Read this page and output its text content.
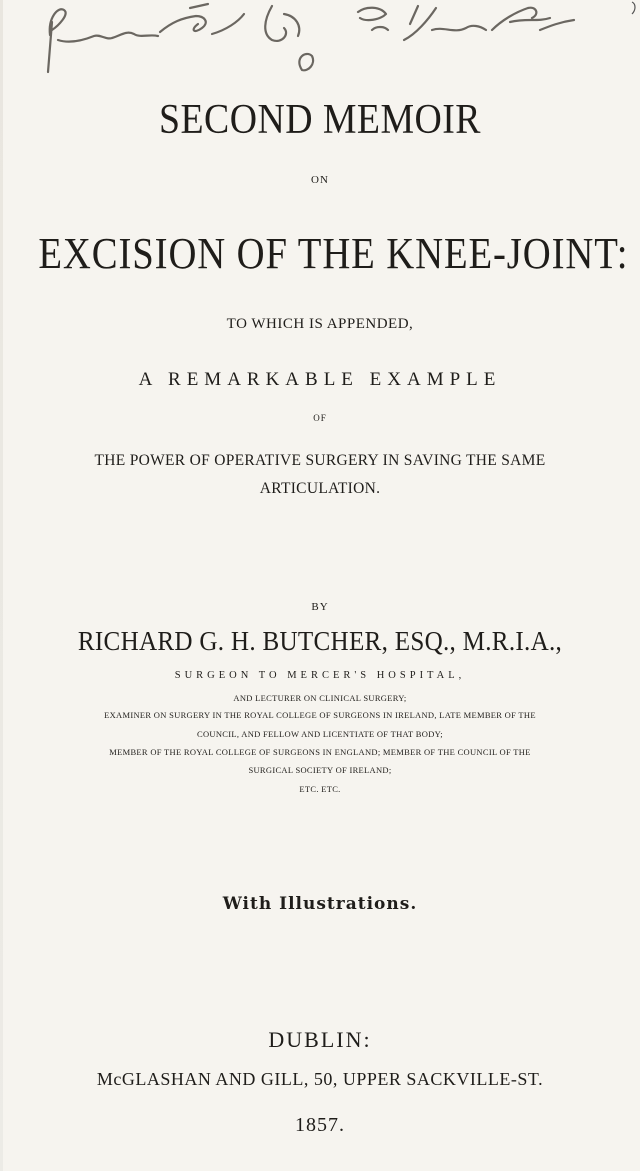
SECOND MEMOIR
ON
EXCISION OF THE KNEE-JOINT:
TO WHICH IS APPENDED,
A REMARKABLE EXAMPLE
OF
THE POWER OF OPERATIVE SURGERY IN SAVING THE SAME
ARTICULATION.
BY
RICHARD G. H. BUTCHER, ESQ., M.R.I.A.,
SURGEON TO MERCER'S HOSPITAL,
AND LECTURER ON CLINICAL SURGERY;
EXAMINER ON SURGERY IN THE ROYAL COLLEGE OF SURGEONS IN IRELAND, LATE MEMBER OF THE
COUNCIL, AND FELLOW AND LICENTIATE OF THAT BODY;
MEMBER OF THE ROYAL COLLEGE OF SURGEONS IN ENGLAND; MEMBER OF THE COUNCIL OF THE
SURGICAL SOCIETY OF IRELAND;
ETC. ETC.
With Illustrations.
DUBLIN:
McGLASHAN AND GILL, 50, UPPER SACKVILLE-ST.
1857.
